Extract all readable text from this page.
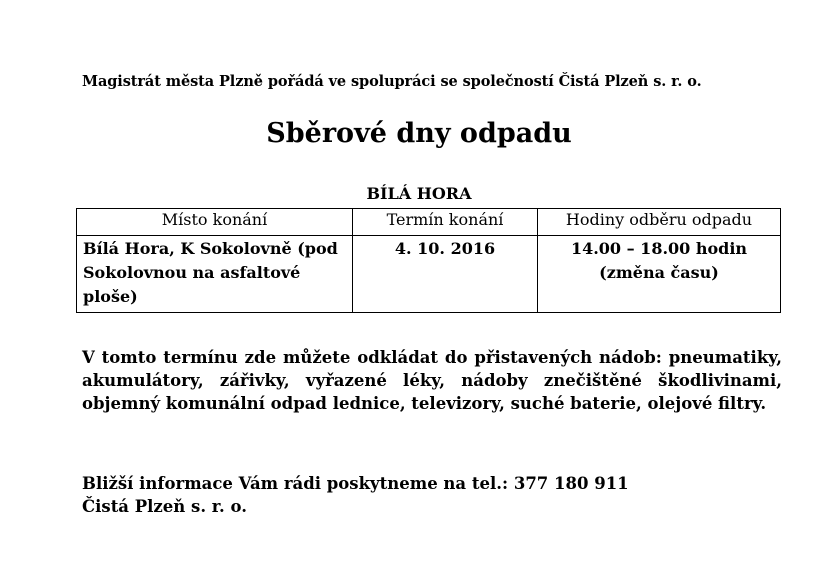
Magistrát města Plzně pořádá ve spolupráci se společností Čistá Plzeň s. r. o.
Sběrové dny odpadu
BÍLÁ HORA
Místo konání	Termín konání	Hodiny odběru odpadu
Bílá Hora, K Sokolovně (pod Sokolovnou na asfaltové ploše)	4. 10. 2016	14.00 – 18.00 hodin
(změna času)
V tomto termínu zde můžete odkládat do přistavených nádob: pneumatiky, akumulátory, zářivky, vyřazené léky, nádoby znečištěné škodlivinami, objemný komunální odpad lednice, televizory, suché baterie, olejové filtry.
Bližší informace Vám rádi poskytneme na tel.: 377 180 911
Čistá Plzeň s. r. o.
